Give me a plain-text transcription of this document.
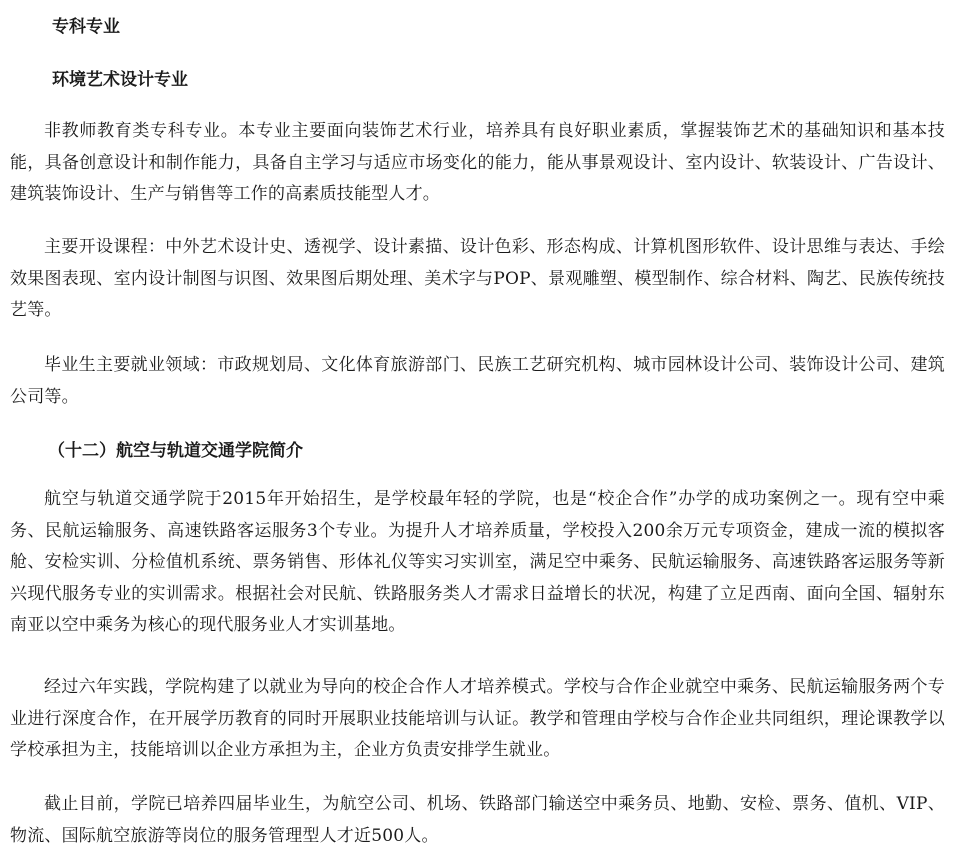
专科专业
环境艺术设计专业

非教师教育类专科专业。本专业主要面向装饰艺术行业，培养具有良好职业素质，掌握装饰艺术的基础知识和基本技能，具备创意设计和制作能力，具备自主学习与适应市场变化的能力，能从事景观设计、室内设计、软装设计、广告设计、建筑装饰设计、生产与销售等工作的高素质技能型人才。

主要开设课程：中外艺术设计史、透视学、设计素描、设计色彩、形态构成、计算机图形软件、设计思维与表达、手绘效果图表现、室内设计制图与识图、效果图后期处理、美术字与POP、景观雕塑、模型制作、综合材料、陶艺、民族传统技艺等。

毕业生主要就业领域：市政规划局、文化体育旅游部门、民族工艺研究机构、城市园林设计公司、装饰设计公司、建筑公司等。

（十二）航空与轨道交通学院简介

航空与轨道交通学院于2015年开始招生，是学校最年轻的学院，也是“校企合作”办学的成功案例之一。现有空中乘务、民航运输服务、高速铁路客运服务3个专业。为提升人才培养质量，学校投入200余万元专项资金，建成一流的模拟客舱、安检实训、分检值机系统、票务销售、形体礼仪等实习实训室，满足空中乘务、民航运输服务、高速铁路客运服务等新兴现代服务专业的实训需求。根据社会对民航、铁路服务类人才需求日益增长的状况，构建了立足西南、面向全国、辐射东南亚以空中乘务为核心的现代服务业人才实训基地。

经过六年实践，学院构建了以就业为导向的校企合作人才培养模式。学校与合作企业就空中乘务、民航运输服务两个专业进行深度合作，在开展学历教育的同时开展职业技能培训与认证。教学和管理由学校与合作企业共同组织，理论课教学以学校承担为主，技能培训以企业方承担为主，企业方负责安排学生就业。

截止目前，学院已培养四届毕业生，为航空公司、机场、铁路部门输送空中乘务员、地勤、安检、票务、值机、VIP、物流、国际航空旅游等岗位的服务管理型人才近500人。
